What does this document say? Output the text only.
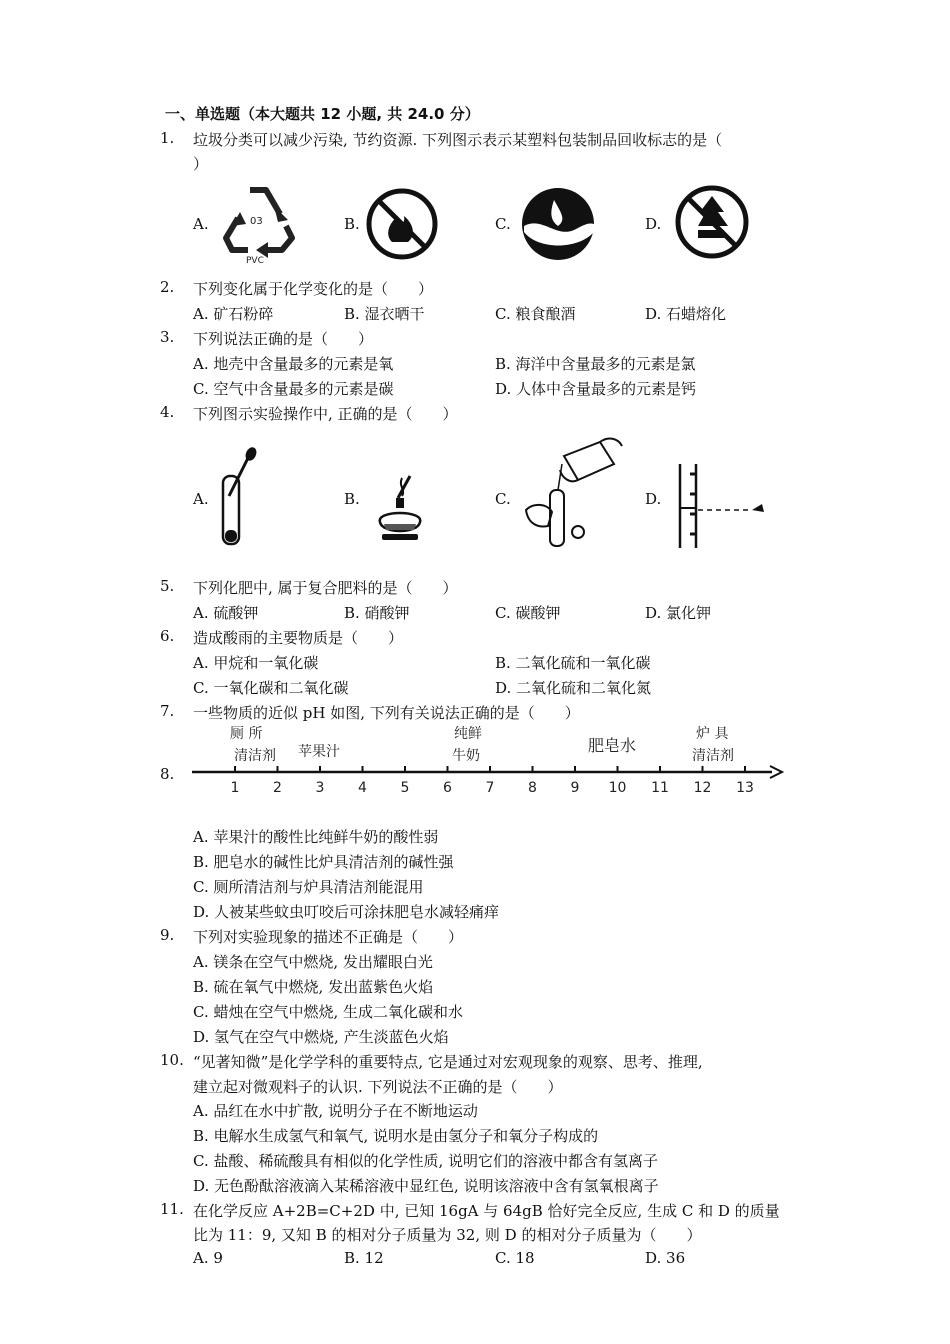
一、单选题（本大题共 12 小题, 共 24.0 分）
1. 垃圾分类可以减少污染, 节约资源. 下列图示表示某塑料包装制品回收标志的是（
）
A.	03
PVC
B.	C.	D.
2. 下列变化属于化学变化的是（　　）
A. 矿石粉碎	B. 湿衣晒干	C. 粮食酿酒	D. 石蜡熔化
3. 下列说法正确的是（　　）
A. 地壳中含量最多的元素是氧	B. 海洋中含量最多的元素是氯
C. 空气中含量最多的元素是碳	D. 人体中含量最多的元素是钙
4. 下列图示实验操作中, 正确的是（　　）
A.	B.	C.	D.
5. 下列化肥中, 属于复合肥料的是（　　）
A. 硫酸钾	B. 硝酸钾	C. 碳酸钾	D. 氯化钾
6. 造成酸雨的主要物质是（　　）
A. 甲烷和一氧化碳	B. 二氧化硫和一氧化碳
C. 一氧化碳和二氧化碳	D. 二氧化硫和二氧化氮
7. 一些物质的近似 pH 如图, 下列有关说法正确的是（　　）
厕 所
清洁剂 苹果汁
纯鲜
牛奶
肥皂水
炉 具
清洁剂
1 2 3 4 5 6 7 8 9 10 11 12 13
8.
A. 苹果汁的酸性比纯鲜牛奶的酸性弱
B. 肥皂水的碱性比炉具清洁剂的碱性强
C. 厕所清洁剂与炉具清洁剂能混用
D. 人被某些蚊虫叮咬后可涂抹肥皂水减轻痛痒
9. 下列对实验现象的描述不正确是（　　）
A. 镁条在空气中燃烧, 发出耀眼白光
B. 硫在氧气中燃烧, 发出蓝紫色火焰
C. 蜡烛在空气中燃烧, 生成二氧化碳和水
D. 氢气在空气中燃烧, 产生淡蓝色火焰
10. “见著知微”是化学学科的重要特点, 它是通过对宏观现象的观察、思考、推理,
建立起对微观料子的认识. 下列说法不正确的是（　　）
A. 品红在水中扩散, 说明分子在不断地运动
B. 电解水生成氢气和氧气, 说明水是由氢分子和氧分子构成的
C. 盐酸、稀硫酸具有相似的化学性质, 说明它们的溶液中都含有氢离子
D. 无色酚酞溶液滴入某稀溶液中显红色, 说明该溶液中含有氢氧根离子
11. 在化学反应 A+2B=C+2D 中, 已知 16gA 与 64gB 恰好完全反应, 生成 C 和 D 的质量
比为 11：9, 又知 B 的相对分子质量为 32, 则 D 的相对分子质量为（　　）
A. 9	B. 12	C. 18	D. 36
